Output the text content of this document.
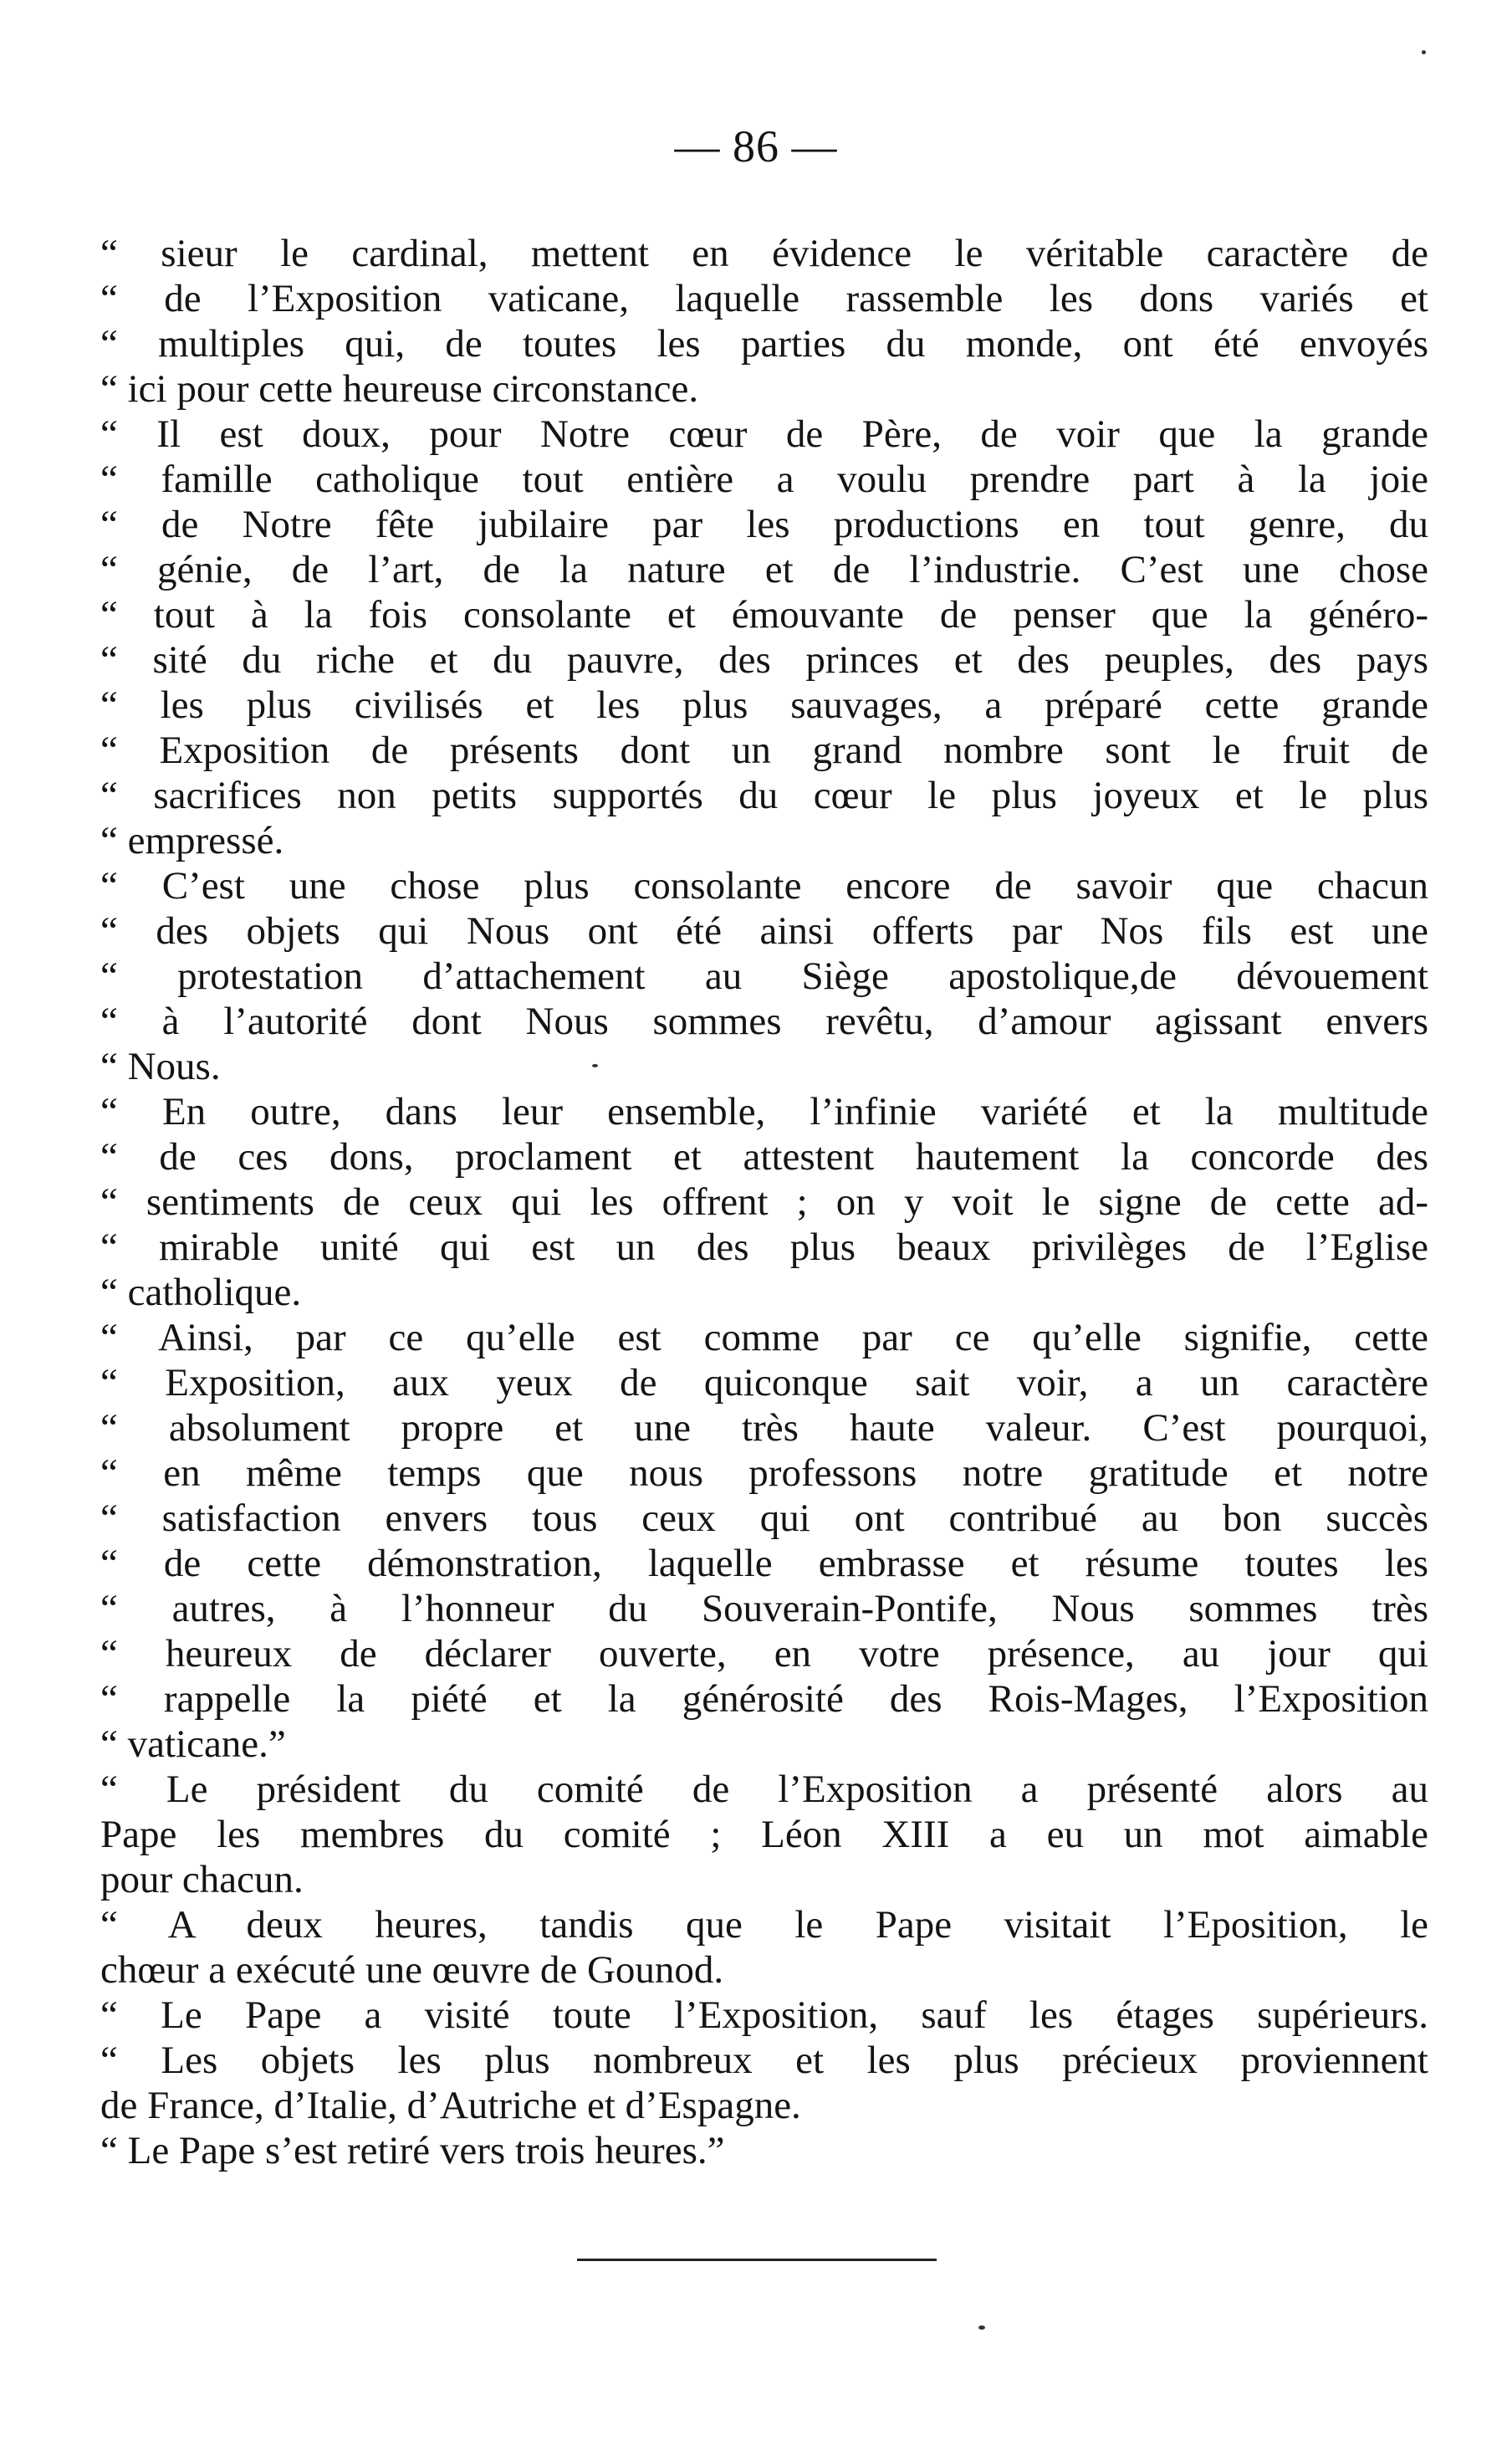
— 86 —
“ sieur le cardinal, mettent en évidence le véritable caractère de
“ de l’Exposition vaticane, laquelle rassemble les dons variés et
“ multiples qui, de toutes les parties du monde, ont été envoyés
“ ici pour cette heureuse circonstance.
“ Il est doux, pour Notre cœur de Père, de voir que la grande
“ famille catholique tout entière a voulu prendre part à la joie
“ de Notre fête jubilaire par les productions en tout genre, du
“ génie, de l’art, de la nature et de l’industrie. C’est une chose
“ tout à la fois consolante et émouvante de penser que la généro-
“ sité du riche et du pauvre, des princes et des peuples, des pays
“ les plus civilisés et les plus sauvages, a préparé cette grande
“ Exposition de présents dont un grand nombre sont le fruit de
“ sacrifices non petits supportés du cœur le plus joyeux et le plus
“ empressé.
“ C’est une chose plus consolante encore de savoir que chacun
“ des objets qui Nous ont été ainsi offerts par Nos fils est une
“ protestation d’attachement au Siège apostolique,de dévouement
“ à l’autorité dont Nous sommes revêtu, d’amour agissant envers
“ Nous.
“ En outre, dans leur ensemble, l’infinie variété et la multitude
“ de ces dons, proclament et attestent hautement la concorde des
“ sentiments de ceux qui les offrent ; on y voit le signe de cette ad-
“ mirable unité qui est un des plus beaux privilèges de l’Eglise
“ catholique.
“ Ainsi, par ce qu’elle est comme par ce qu’elle signifie, cette
“ Exposition, aux yeux de quiconque sait voir, a un caractère
“ absolument propre et une très haute valeur. C’est pourquoi,
“ en même temps que nous professons notre gratitude et notre
“ satisfaction envers tous ceux qui ont contribué au bon succès
“ de cette démonstration, laquelle embrasse et résume toutes les
“ autres, à l’honneur du Souverain-Pontife, Nous sommes très
“ heureux de déclarer ouverte, en votre présence, au jour qui
“ rappelle la piété et la générosité des Rois-Mages, l’Exposition
“ vaticane.”
“ Le président du comité de l’Exposition a présenté alors au
Pape les membres du comité ; Léon XIII a eu un mot aimable
pour chacun.
“ A deux heures, tandis que le Pape visitait l’Eposition, le
chœur a exécuté une œuvre de Gounod.
“ Le Pape a visité toute l’Exposition, sauf les étages supérieurs.
“ Les objets les plus nombreux et les plus précieux proviennent
de France, d’Italie, d’Autriche et d’Espagne.
“ Le Pape s’est retiré vers trois heures.”
